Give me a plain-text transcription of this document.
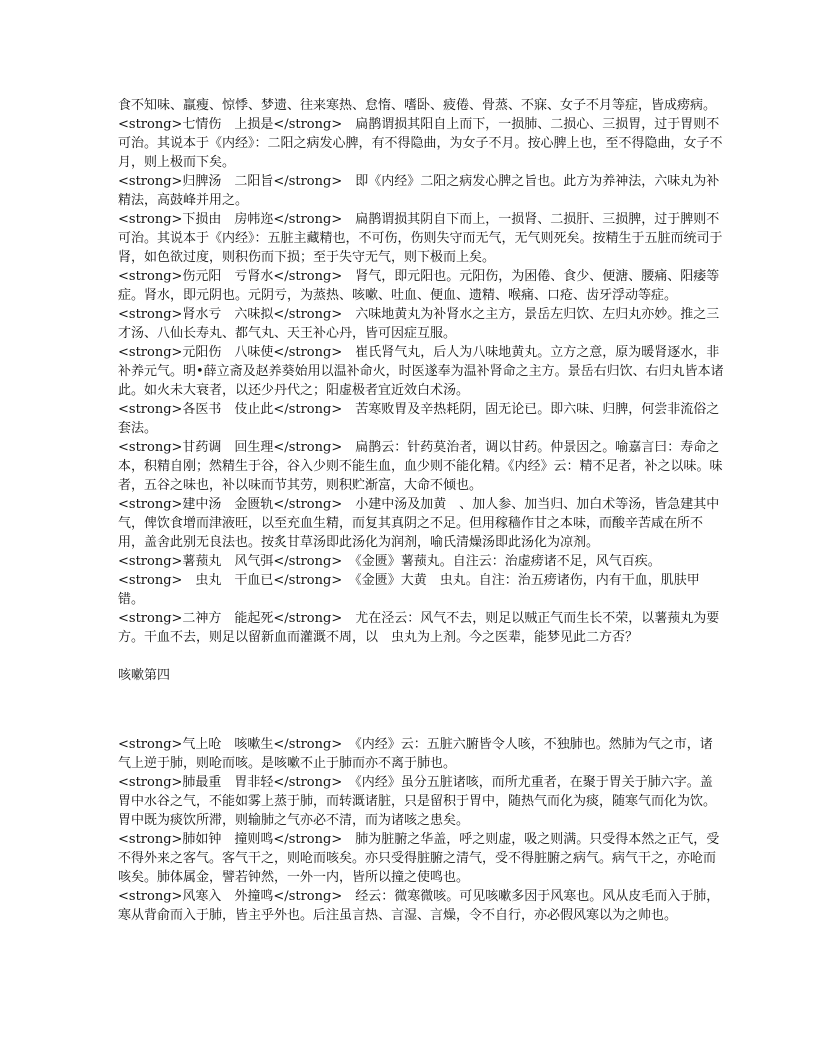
食不知味、羸瘦、惊悸、梦遗、往来寒热、怠惰、嗜卧、疲倦、骨蒸、不寐、女子不月等症，皆成痨病。

<strong>七情伤　上损是</strong>　扁鹊谓损其阳自上而下，一损肺、二损心、三损胃，过于胃则不可治。其说本于《内经》：二阳之病发心脾，有不得隐曲，为女子不月。按心脾上也，至不得隐曲，女子不月，则上极而下矣。

<strong>归脾汤　二阳旨</strong>　即《内经》二阳之病发心脾之旨也。此方为养神法，六味丸为补精法，高鼓峰并用之。

<strong>下损由　房帏迩</strong>　扁鹊谓损其阴自下而上，一损肾、二损肝、三损脾，过于脾则不可治。其说本于《内经》：五脏主藏精也，不可伤，伤则失守而无气，无气则死矣。按精生于五脏而统司于肾，如色欲过度，则积伤而下损；至于失守无气，则下极而上矣。

<strong>伤元阳　亏肾水</strong>　肾气，即元阳也。元阳伤，为困倦、食少、便溏、腰痛、阳痿等症。肾水，即元阴也。元阴亏，为蒸热、咳嗽、吐血、便血、遗精、喉痛、口疮、齿牙浮动等症。

<strong>肾水亏　六味拟</strong>　六味地黄丸为补肾水之主方，景岳左归饮、左归丸亦妙。推之三才汤、八仙长寿丸、都气丸、天王补心丹，皆可因症互服。

<strong>元阳伤　八味使</strong>　崔氏肾气丸，后人为八味地黄丸。立方之意，原为暖肾逐水，非补养元气。明•薛立斋及赵养葵始用以温补命火，时医遂奉为温补肾命之主方。景岳右归饮、右归丸皆本诸此。如火未大衰者，以还少丹代之；阳虚极者宜近效白术汤。

<strong>各医书　伎止此</strong>　苦寒败胃及辛热耗阴，固无论已。即六味、归脾，何尝非流俗之套法。

<strong>甘药调　回生理</strong>　扁鹊云：针药莫治者，调以甘药。仲景因之。喻嘉言曰：寿命之本，积精自刚；然精生于谷，谷入少则不能生血，血少则不能化精。《内经》云：精不足者，补之以味。味者，五谷之味也，补以味而节其劳，则积贮渐富，大命不倾也。

<strong>建中汤　金匮轨</strong>　小建中汤及加黄　、加人参、加当归、加白术等汤，皆急建其中气，俾饮食增而津液旺，以至充血生精，而复其真阴之不足。但用稼穑作甘之本味，而酸辛苦咸在所不用，盖舍此别无良法也。按炙甘草汤即此汤化为润剂，喻氏清燥汤即此汤化为凉剂。

<strong>薯蓣丸　风气弭</strong>　《金匮》薯蓣丸。自注云：治虚痨诸不足，风气百疾。

<strong>　虫丸　干血已</strong>　《金匮》大黄　虫丸。自注：治五痨诸伤，内有干血，肌肤甲错。

<strong>二神方　能起死</strong>　尤在泾云：风气不去，则足以贼正气而生长不荣，以薯蓣丸为要方。干血不去，则足以留新血而灌溉不周，以　虫丸为上剂。今之医辈，能梦见此二方否？

咳嗽第四

<strong>气上呛　咳嗽生</strong>　《内经》云：五脏六腑皆令人咳，不独肺也。然肺为气之市，诸气上逆于肺，则呛而咳。是咳嗽不止于肺而亦不离于肺也。

<strong>肺最重　胃非轻</strong>　《内经》虽分五脏诸咳，而所尤重者，在聚于胃关于肺六字。盖胃中水谷之气，不能如雾上蒸于肺，而转溉诸脏，只是留积于胃中，随热气而化为痰，随寒气而化为饮。胃中既为痰饮所滞，则输肺之气亦必不清，而为诸咳之患矣。

<strong>肺如钟　撞则鸣</strong>　肺为脏腑之华盖，呼之则虚，吸之则满。只受得本然之正气，受不得外来之客气。客气干之，则呛而咳矣。亦只受得脏腑之清气，受不得脏腑之病气。病气干之，亦呛而咳矣。肺体属金，譬若钟然，一外一内，皆所以撞之使鸣也。

<strong>风寒入　外撞鸣</strong>　经云：微寒微咳。可见咳嗽多因于风寒也。风从皮毛而入于肺，寒从背俞而入于肺，皆主乎外也。后注虽言热、言湿、言燥，令不自行，亦必假风寒以为之帅也。
